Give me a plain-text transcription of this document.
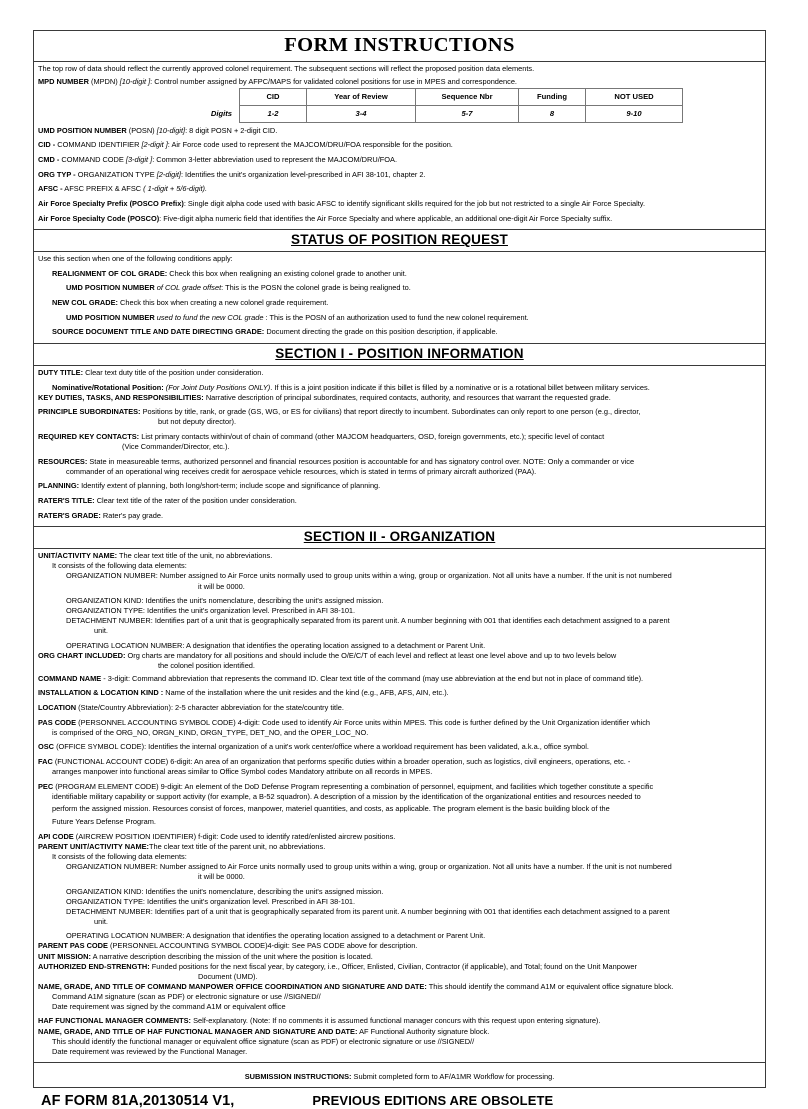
FORM INSTRUCTIONS
The top row of data should reflect the currently approved colonel requirement. The subsequent sections will reflect the proposed position data elements.
MPD NUMBER (MPDN) [10-digit ]: Control number assigned by AFPC/MAPS for validated colonel positions for use in MPES and correspondence.
	CID	Year of Review	Sequence Nbr	Funding	NOT USED
Digits	1-2	3-4	5-7	8	9-10
UMD POSITION NUMBER (POSN) [10-digit]: 8 digit POSN + 2-digit CID.
CID - COMMAND IDENTIFIER [2-digit ]: Air Force code used to represent the MAJCOM/DRU/FOA responsible for the position.
CMD - COMMAND CODE [3-digit ]: Common 3-letter abbreviation used to represent the MAJCOM/DRU/FOA.
ORG TYP - ORGANIZATION TYPE [2-digit]: Identifies the unit's organization level-prescribed in AFI 38-101, chapter 2.
AFSC - AFSC PREFIX & AFSC ( 1-digit + 5/6-digit).
Air Force Specialty Prefix (POSCO Prefix): Single digit alpha code used with basic AFSC to identify significant skills required for the job but not restricted to a single Air Force Specialty.
Air Force Specialty Code (POSCO): Five-digit alpha numeric field that identifies the Air Force Specialty and where applicable, an additional one-digit Air Force Specialty suffix.
STATUS OF POSITION REQUEST
Use this section when one of the following conditions apply:
REALIGNMENT OF COL GRADE: Check this box when realigning an existing colonel grade to another unit.
UMD POSITION NUMBER of COL grade offset: This is the POSN the colonel grade is being realigned to.
NEW COL GRADE: Check this box when creating a new colonel grade requirement.
UMD POSITION NUMBER used to fund the new COL grade : This is the POSN of an authorization used to fund the new colonel requirement.
SOURCE DOCUMENT TITLE AND DATE DIRECTING GRADE: Document directing the grade on this position description, if applicable.
SECTION I - POSITION INFORMATION
DUTY TITLE: Clear text duty title of the position under consideration.
Nominative/Rotational Position: (For Joint Duty Positions ONLY). If this is a joint position indicate if this billet is filled by a nominative or is a rotational billet between military services.
KEY DUTIES, TASKS, AND RESPONSIBILITIES: Narrative description of principal subordinates, required contacts, authority, and resources that warrant the requested grade.
PRINCIPLE SUBORDINATES: Positions by title, rank, or grade (GS, WG, or ES for civilians) that report directly to incumbent. Subordinates can only report to one person (e.g., director,
but not deputy director).
REQUIRED KEY CONTACTS: List primary contacts within/out of chain of command (other MAJCOM headquarters, OSD, foreign governments, etc.); specific level of contact
(Vice Commander/Director, etc.).
RESOURCES: State in measureable terms, authorized personnel and financial resources position is accountable for and has signatory control over. NOTE: Only a commander or vice
commander of an operational wing receives credit for aerospace vehicle resources, which is stated in terms of primary aircraft authorized (PAA).
PLANNING: Identify extent of planning, both long/short-term; include scope and significance of planning.
RATER'S TITLE: Clear text title of the rater of the position under consideration.
RATER'S GRADE: Rater's pay grade.
SECTION II - ORGANIZATION
UNIT/ACTIVITY NAME: The clear text title of the unit, no abbreviations.
It consists of the following data elements:
ORGANIZATION NUMBER: Number assigned to Air Force units normally used to group units within a wing, group or organization. Not all units have a number. If the unit is not numbered
it will be 0000.
ORGANIZATION KIND: Identifies the unit's nomenclature, describing the unit's assigned mission.
ORGANIZATION TYPE: Identifies the unit's organization level. Prescribed in AFI 38-101.
DETACHMENT NUMBER: Identifies part of a unit that is geographically separated from its parent unit. A number beginning with 001 that identifies each detachment assigned to a parent
unit.
OPERATING LOCATION NUMBER: A designation that identifies the operating location assigned to a detachment or Parent Unit.
ORG CHART INCLUDED: Org charts are mandatory for all positions and should include the O/E/C/T of each level and reflect at least one level above and up to two levels below
the colonel position identified.
COMMAND NAME - 3-digit: Command abbreviation that represents the command ID. Clear text title of the command (may use abbreviation at the end but not in place of command title).
INSTALLATION & LOCATION KIND : Name of the installation where the unit resides and the kind (e.g., AFB, AFS, AIN, etc.).
LOCATION (State/Country Abbreviation): 2-5 character abbreviation for the state/country title.
PAS CODE (PERSONNEL ACCOUNTING SYMBOL CODE) 4-digit: Code used to identify Air Force units within MPES. This code is further defined by the Unit Organization identifier which
is comprised of the ORG_NO, ORGN_KIND, ORGN_TYPE, DET_NO, and the OPER_LOC_NO.
OSC (OFFICE SYMBOL CODE): Identifies the internal organization of a unit's work center/office where a workload requirement has been validated, a.k.a., office symbol.
FAC (FUNCTIONAL ACCOUNT CODE) 6-digit: An area of an organization that performs specific duties within a broader operation, such as logistics, civil engineers, operations, etc. -
arranges manpower into functional areas similar to Office Symbol codes Mandatory attribute on all records in MPES.
PEC (PROGRAM ELEMENT CODE) 9-digit: An element of the DoD Defense Program representing a combination of personnel, equipment, and facilities which together constitute a specific
identifiable military capability or support activity (for example, a B-52 squadron). A description of a mission by the identification of the organizational entities and resources needed to
perform the assigned mission. Resources consist of forces, manpower, materiel quantities, and costs, as applicable. The program element is the basic building block of the
Future Years Defense Program.
API CODE (AIRCREW POSITION IDENTIFIER) f-digit: Code used to identify rated/enlisted aircrew positions.
PARENT UNIT/ACTIVITY NAME:The clear text title of the parent unit, no abbreviations.
It consists of the following data elements:
ORGANIZATION NUMBER: Number assigned to Air Force units normally used to group units within a wing, group or organization. Not all units have a number. If the unit is not numbered
it will be 0000.
ORGANIZATION KIND: Identifies the unit's nomenclature, describing the unit's assigned mission.
ORGANIZATION TYPE: Identifies the unit's organization level. Prescribed in AFI 38-101.
DETACHMENT NUMBER: Identifies part of a unit that is geographically separated from its parent unit. A number beginning with 001 that identifies each detachment assigned to a parent
unit.
OPERATING LOCATION NUMBER: A designation that identifies the operating location assigned to a detachment or Parent Unit.
PARENT PAS CODE (PERSONNEL ACCOUNTING SYMBOL CODE)4-digit: See PAS CODE above for description.
UNIT MISSION: A narrative description describing the mission of the unit where the position is located.
AUTHORIZED END-STRENGTH: Funded positions for the next fiscal year, by category, i.e., Officer, Enlisted, Civilian, Contractor (if applicable), and Total; found on the Unit Manpower
Document (UMD).
NAME, GRADE, AND TITLE OF COMMAND MANPOWER OFFICE COORDINATION AND SIGNATURE AND DATE: This should identify the command A1M or equivalent office signature block.
Command A1M signature (scan as PDF) or electronic signature or use //SIGNED//
Date requirement was signed by the command A1M or equivalent office
HAF FUNCTIONAL MANAGER COMMENTS: Self-explanatory. (Note: If no comments it is assumed functional manager concurs with this request upon entering signature).
NAME, GRADE, AND TITLE OF HAF FUNCTIONAL MANAGER AND SIGNATURE AND DATE: AF Functional Authority signature block.
This should identify the functional manager or equivalent office signature (scan as PDF) or electronic signature or use //SIGNED//
Date requirement was reviewed by the Functional Manager.
SUBMISSION INSTRUCTIONS: Submit completed form to AF/A1MR Workflow for processing.
AF FORM 81A,20130514 V1,	PREVIOUS EDITIONS ARE OBSOLETE
